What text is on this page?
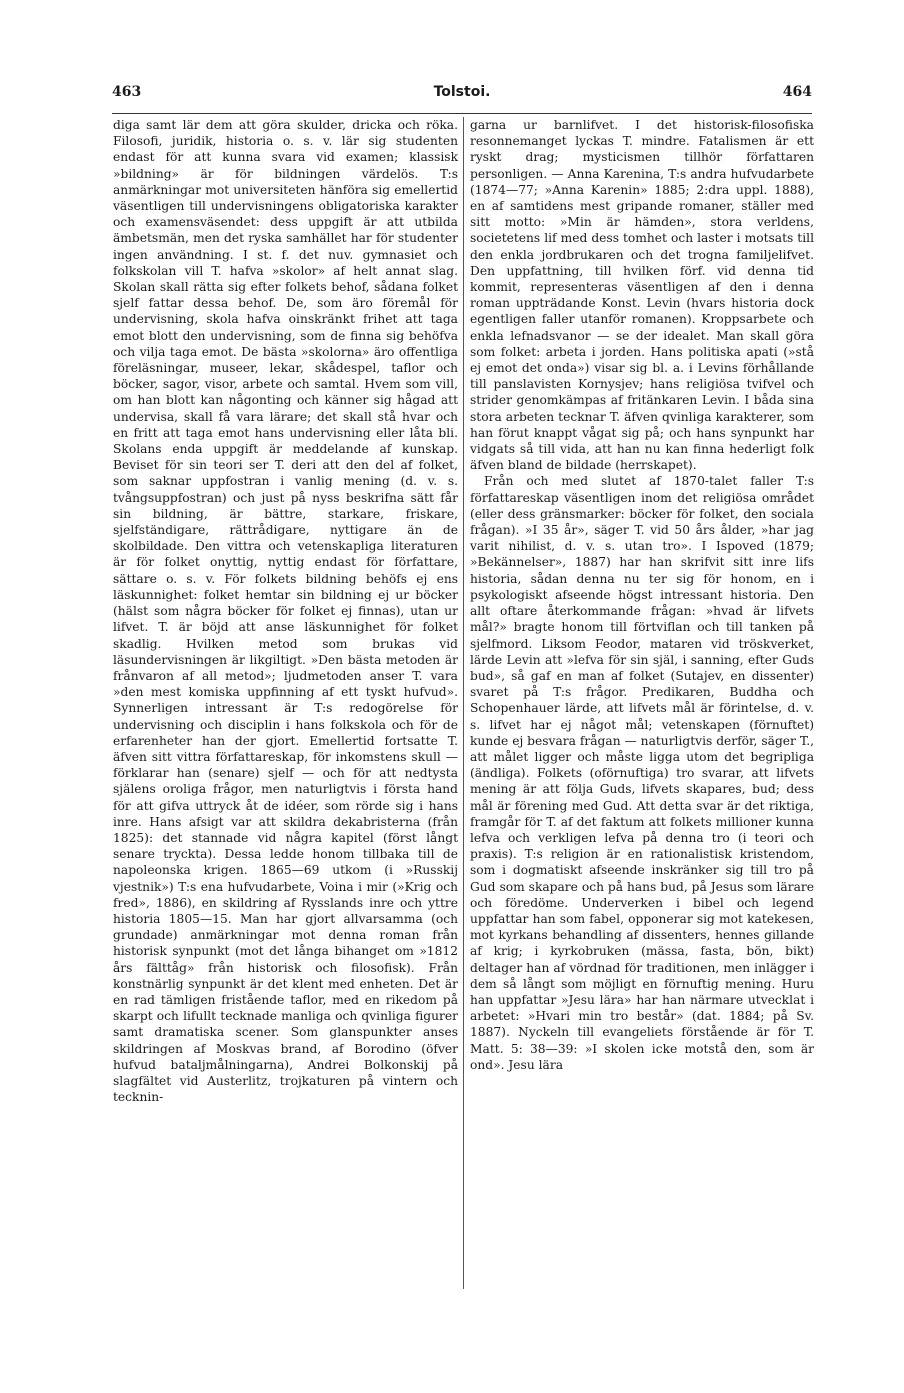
463	Tolstoi.	464

diga samt lär dem att göra skulder, dricka och röka. Filosofi, juridik, historia o. s. v. lär sig studenten endast för att kunna svara vid examen; klassisk »bildning» är för bildningen värdelös. T:s anmärkningar mot universiteten hänföra sig emellertid väsentligen till undervisningens obligatoriska karakter och examensväsendet: dess uppgift är att utbilda ämbetsmän, men det ryska samhället har för studenter ingen användning. I st. f. det nuv. gymnasiet och folkskolan vill T. hafva »skolor» af helt annat slag. Skolan skall rätta sig efter folkets behof, sådana folket sjelf fattar dessa behof. De, som äro föremål för undervisning, skola hafva oinskränkt frihet att taga emot blott den undervisning, som de finna sig behöfva och vilja taga emot. De bästa »skolorna» äro offentliga föreläsningar, museer, lekar, skådespel, taflor och böcker, sagor, visor, arbete och samtal. Hvem som vill, om han blott kan någonting och känner sig hågad att undervisa, skall få vara lärare; det skall stå hvar och en fritt att taga emot hans undervisning eller låta bli. Skolans enda uppgift är meddelande af kunskap. Beviset för sin teori ser T. deri att den del af folket, som saknar uppfostran i vanlig mening (d. v. s. tvångsuppfostran) och just på nyss beskrifna sätt får sin bildning, är bättre, starkare, friskare, sjelfständigare, rättrådigare, nyttigare än de skolbildade. Den vittra och vetenskapliga literaturen är för folket onyttig, nyttig endast för författare, sättare o. s. v. För folkets bildning behöfs ej ens läskunnighet: folket hemtar sin bildning ej ur böcker (hälst som några böcker för folket ej finnas), utan ur lifvet. T. är böjd att anse läskunnighet för folket skadlig. Hvilken metod som brukas vid läsundervisningen är likgiltigt. »Den bästa metoden är frånvaron af all metod»; ljudmetoden anser T. vara »den mest komiska uppfinning af ett tyskt hufvud». Synnerligen intressant är T:s redogörelse för undervisning och disciplin i hans folkskola och för de erfarenheter han der gjort. Emellertid fortsatte T. äfven sitt vittra författareskap, för inkomstens skull — förklarar han (senare) sjelf — och för att nedtysta själens oroliga frågor, men naturligtvis i första hand för att gifva uttryck åt de idéer, som rörde sig i hans inre. Hans afsigt var att skildra dekabristerna (från 1825): det stannade vid några kapitel (först långt senare tryckta). Dessa ledde honom tillbaka till de napoleonska krigen. 1865—69 utkom (i »Russkij vjestnik») T:s ena hufvudarbete, Voina i mir (»Krig och fred», 1886), en skildring af Rysslands inre och yttre historia 1805—15. Man har gjort allvarsamma (och grundade) anmärkningar mot denna roman från historisk synpunkt (mot det långa bihanget om »1812 års fälttåg» från historisk och filosofisk). Från konstnärlig synpunkt är det klent med enheten. Det är en rad tämligen fristående taflor, med en rikedom på skarpt och lifullt tecknade manliga och qvinliga figurer samt dramatiska scener. Som glanspunkter anses skildringen af Moskvas brand, af Borodino (öfver hufvud bataljmålningarna), Andrei Bolkonskij på slagfältet vid Austerlitz, trojkaturen på vintern och tecknin-

garna ur barnlifvet. I det historisk-filosofiska resonnemanget lyckas T. mindre. Fatalismen är ett ryskt drag; mysticismen tillhör författaren personligen. — Anna Karenina, T:s andra hufvudarbete (1874—77; »Anna Karenin» 1885; 2:dra uppl. 1888), en af samtidens mest gripande romaner, ställer med sitt motto: »Min är hämden», stora verldens, societetens lif med dess tomhet och laster i motsats till den enkla jordbrukaren och det trogna familjelifvet. Den uppfattning, till hvilken förf. vid denna tid kommit, representeras väsentligen af den i denna roman uppträdande Konst. Levin (hvars historia dock egentligen faller utanför romanen). Kroppsarbete och enkla lefnadsvanor — se der idealet. Man skall göra som folket: arbeta i jorden. Hans politiska apati (»stå ej emot det onda») visar sig bl. a. i Levins förhållande till panslavisten Kornysjev; hans religiösa tvifvel och strider genomkämpas af fritänkaren Levin. I båda sina stora arbeten tecknar T. äfven qvinliga karakterer, som han förut knappt vågat sig på; och hans synpunkt har vidgats så till vida, att han nu kan finna hederligt folk äfven bland de bildade (herrskapet).

Från och med slutet af 1870-talet faller T:s författareskap väsentligen inom det religiösa området (eller dess gränsmarker: böcker för folket, den sociala frågan). »I 35 år», säger T. vid 50 års ålder, »har jag varit nihilist, d. v. s. utan tro». I Ispoved (1879; »Bekännelser», 1887) har han skrifvit sitt inre lifs historia, sådan denna nu ter sig för honom, en i psykologiskt afseende högst intressant historia. Den allt oftare återkommande frågan: »hvad är lifvets mål?» bragte honom till förtviflan och till tanken på sjelfmord. Liksom Feodor, mataren vid tröskverket, lärde Levin att »lefva för sin själ, i sanning, efter Guds bud», så gaf en man af folket (Sutajev, en dissenter) svaret på T:s frågor. Predikaren, Buddha och Schopenhauer lärde, att lifvets mål är förintelse, d. v. s. lifvet har ej något mål; vetenskapen (förnuftet) kunde ej besvara frågan — naturligtvis derför, säger T., att målet ligger och måste ligga utom det begripliga (ändliga). Folkets (oförnuftiga) tro svarar, att lifvets mening är att följa Guds, lifvets skapares, bud; dess mål är förening med Gud. Att detta svar är det riktiga, framgår för T. af det faktum att folkets millioner kunna lefva och verkligen lefva på denna tro (i teori och praxis). T:s religion är en rationalistisk kristendom, som i dogmatiskt afseende inskränker sig till tro på Gud som skapare och på hans bud, på Jesus som lärare och föredöme. Underverken i bibel och legend uppfattar han som fabel, opponerar sig mot katekesen, mot kyrkans behandling af dissenters, hennes gillande af krig; i kyrkobruken (mässa, fasta, bön, bikt) deltager han af vördnad för traditionen, men inlägger i dem så långt som möjligt en förnuftig mening. Huru han uppfattar »Jesu lära» har han närmare utvecklat i arbetet: »Hvari min tro består» (dat. 1884; på Sv. 1887). Nyckeln till evangeliets förstående är för T. Matt. 5: 38—39: »I skolen icke motstå den, som är ond». Jesu lära
